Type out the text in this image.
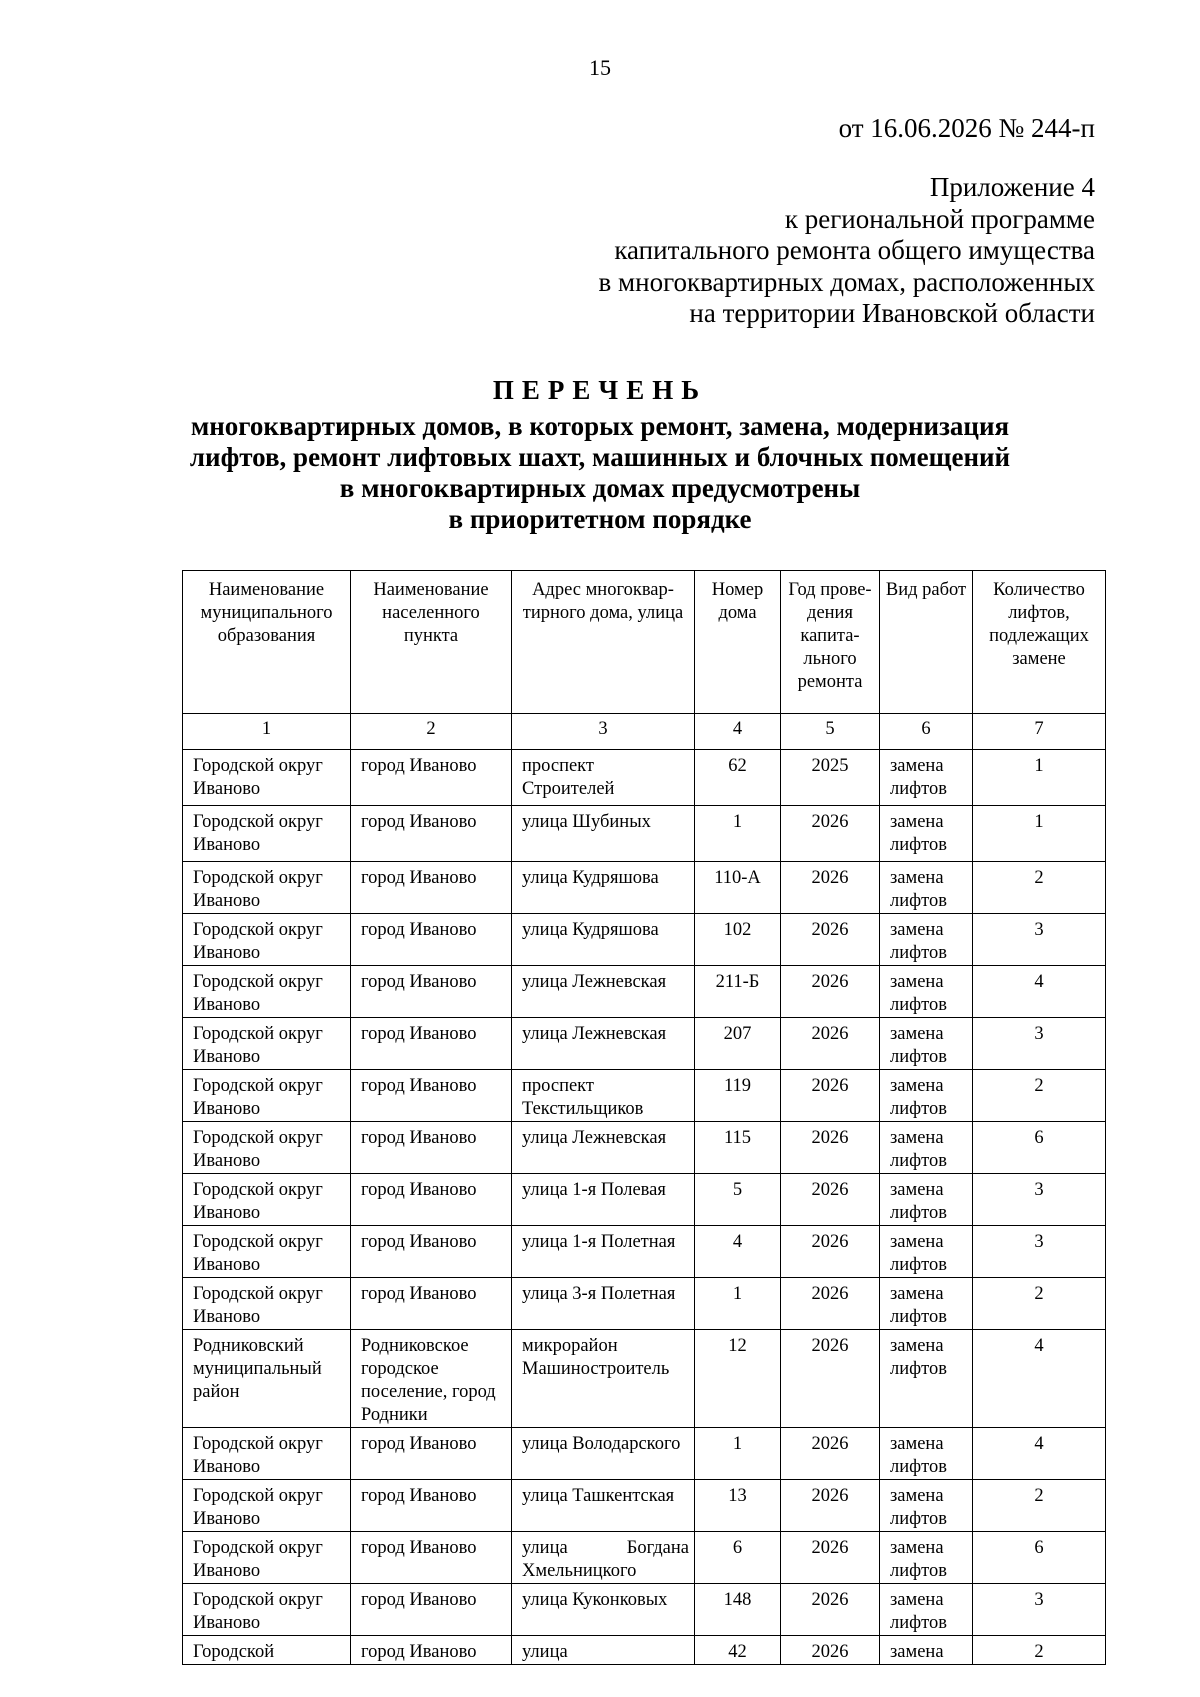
15
от 16.06.2026 № 244-п
Приложение 4
к региональной программе
капитального ремонта общего имущества
в многоквартирных домах, расположенных
на территории Ивановской области
ПЕРЕЧЕНЬ
многоквартирных домов, в которых ремонт, замена, модернизация
лифтов, ремонт лифтовых шахт, машинных и блочных помещений
в многоквартирных домах предусмотрены
в приоритетном порядке
Наименование муниципального образования	Наименование населенного пункта	Адрес многоквар-тирного дома, улица	Номер дома	Год прове-дения капита-льного ремонта	Вид работ	Количество лифтов, подлежащих замене
1	2	3	4	5	6	7
Городской округ Иваново	город Иваново	проспект Строителей	62	2025	замена лифтов	1
Городской округ Иваново	город Иваново	улица Шубиных	1	2026	замена лифтов	1
Городской округ Иваново	город Иваново	улица Кудряшова	110-А	2026	замена лифтов	2
Городской округ Иваново	город Иваново	улица Кудряшова	102	2026	замена лифтов	3
Городской округ Иваново	город Иваново	улица Лежневская	211-Б	2026	замена лифтов	4
Городской округ Иваново	город Иваново	улица Лежневская	207	2026	замена лифтов	3
Городской округ Иваново	город Иваново	проспект Текстильщиков	119	2026	замена лифтов	2
Городской округ Иваново	город Иваново	улица Лежневская	115	2026	замена лифтов	6
Городской округ Иваново	город Иваново	улица 1-я Полевая	5	2026	замена лифтов	3
Городской округ Иваново	город Иваново	улица 1-я Полетная	4	2026	замена лифтов	3
Городской округ Иваново	город Иваново	улица 3-я Полетная	1	2026	замена лифтов	2
Родниковский муниципальный район	Родниковское городское поселение, город Родники	микрорайон Машиностроитель	12	2026	замена лифтов	4
Городской округ Иваново	город Иваново	улица Володарского	1	2026	замена лифтов	4
Городской округ Иваново	город Иваново	улица Ташкентская	13	2026	замена лифтов	2
Городской округ Иваново	город Иваново	улица Богдана Хмельницкого	6	2026	замена лифтов	6
Городской округ Иваново	город Иваново	улица Куконковых	148	2026	замена лифтов	3
Городской	город Иваново	улица	42	2026	замена	2
